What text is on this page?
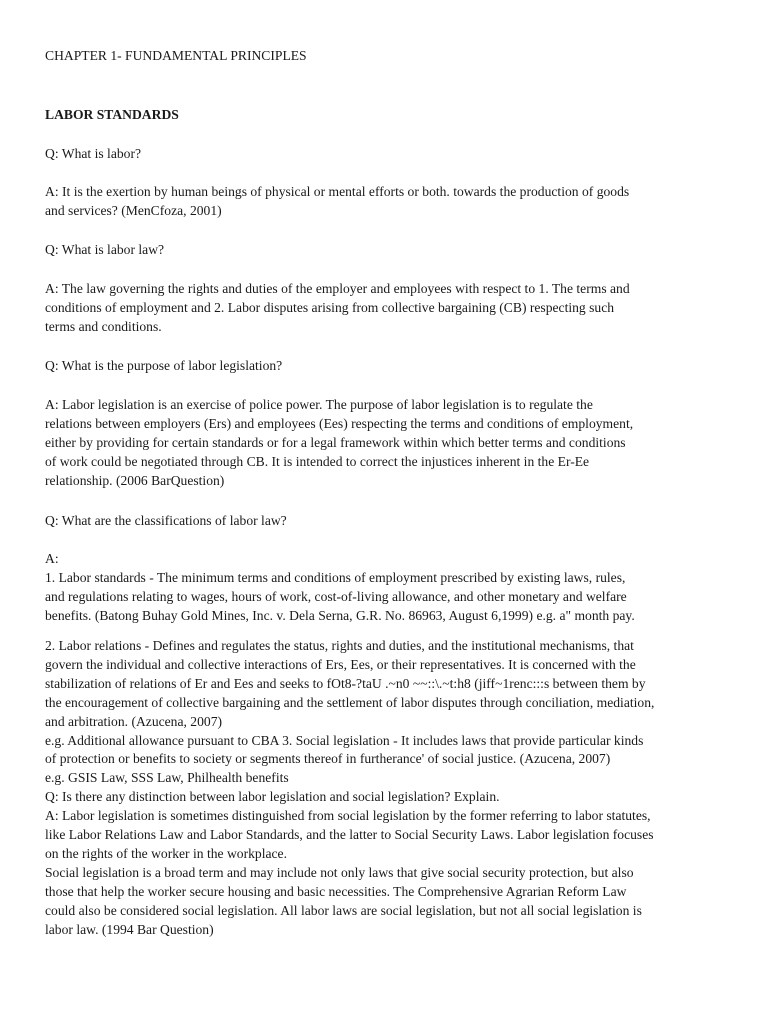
CHAPTER 1- FUNDAMENTAL PRINCIPLES

LABOR STANDARDS

Q: What is labor?

A: It is the exertion by human beings of physical or mental efforts or both. towards the production of goods
and services? (MenCfoza, 2001)

Q: What is labor law?

A: The law governing the rights and duties of the employer and employees with respect to 1. The terms and
conditions of employment and 2. Labor disputes arising from collective bargaining (CB) respecting such
terms and conditions.

Q: What is the purpose of labor legislation?

A: Labor legislation is an exercise of police power. The purpose of labor legislation is to regulate the
relations between employers (Ers) and employees (Ees) respecting the terms and conditions of employment,
either by providing for certain standards or for a legal framework within which better terms and conditions
of work could be negotiated through CB. It is intended to correct the injustices inherent in the Er-Ee
relationship. (2006 BarQuestion)

Q: What are the classifications of labor law?

A:

1. Labor standards - The minimum terms and conditions of employment prescribed by existing laws, rules,
and regulations relating to wages, hours of work, cost-of-living allowance, and other monetary and welfare
benefits. (Batong Buhay Gold Mines, Inc. v. Dela Serna, G.R. No. 86963, August 6,1999) e.g. a" month pay.
2. Labor relations - Defines and regulates the status, rights and duties, and the institutional mechanisms, that
govern the individual and collective interactions of Ers, Ees, or their representatives. It is concerned with the
stabilization of relations of Er and Ees and seeks to fOt8-?taU .~n0 ~~::\.~t:h8 (jiff~1renc:::s between them by
the encouragement of collective bargaining and the settlement of labor disputes through conciliation, mediation,
and arbitration. (Azucena, 2007)
e.g. Additional allowance pursuant to CBA 3. Social legislation - It includes laws that provide particular kinds
of protection or benefits to society or segments thereof in furtherance' of social justice. (Azucena, 2007)
e.g. GSIS Law, SSS Law, Philhealth benefits
Q: Is there any distinction between labor legislation and social legislation? Explain.
A: Labor legislation is sometimes distinguished from social legislation by the former referring to labor statutes,
like Labor Relations Law and Labor Standards, and the latter to Social Security Laws. Labor legislation focuses
on the rights of the worker in the workplace.
Social legislation is a broad term and may include not only laws that give social security protection, but also
those that help the worker secure housing and basic necessities. The Comprehensive Agrarian Reform Law
could also be considered social legislation. All labor laws are social legislation, but not all social legislation is
labor law. (1994 Bar Question)
